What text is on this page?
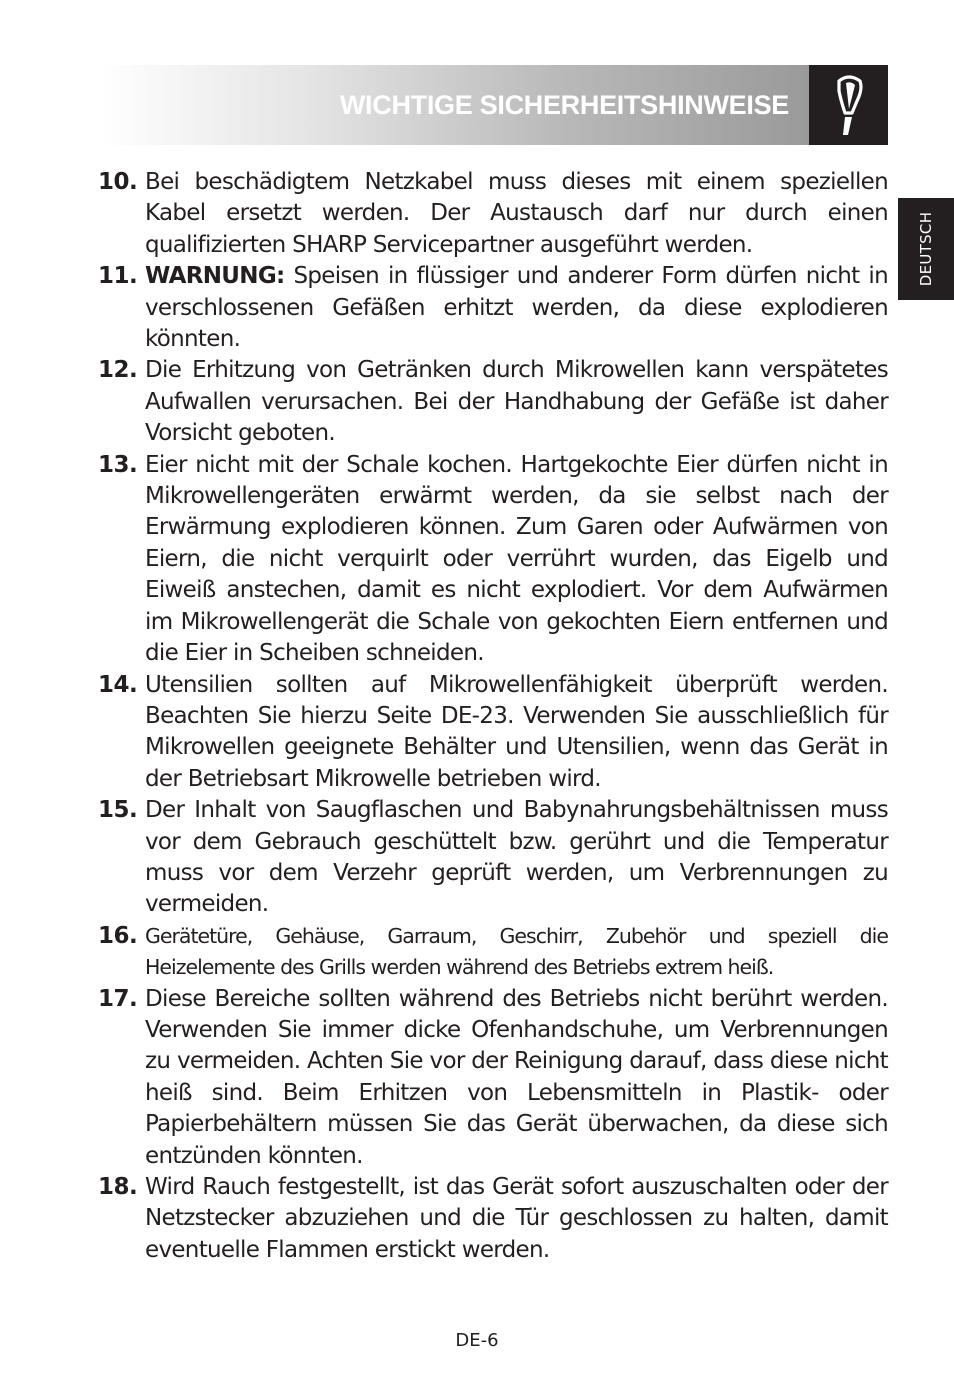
WICHTIGE SICHERHEITSHINWEISE
DEUTSCH
10. Bei beschädigtem Netzkabel muss dieses mit einem speziellen Kabel ersetzt werden. Der Austausch darf nur durch einen qualifizierten SHARP Servicepartner ausgeführt werden.
11. WARNUNG: Speisen in flüssiger und anderer Form dürfen nicht in verschlossenen Gefäßen erhitzt werden, da diese explodieren könnten.
12. Die Erhitzung von Getränken durch Mikrowellen kann verspätetes Aufwallen verursachen. Bei der Handhabung der Gefäße ist daher Vorsicht geboten.
13. Eier nicht mit der Schale kochen. Hartgekochte Eier dürfen nicht in Mikrowellengeräten erwärmt werden, da sie selbst nach der Erwärmung explodieren können. Zum Garen oder Aufwärmen von Eiern, die nicht verquirlt oder verrührt wurden, das Eigelb und Eiweiß anstechen, damit es nicht explodiert. Vor dem Aufwärmen im Mikrowellengerät die Schale von gekochten Eiern entfernen und die Eier in Scheiben schneiden.
14. Utensilien sollten auf Mikrowellenfähigkeit überprüft werden. Beachten Sie hierzu Seite DE-23. Verwenden Sie ausschließlich für Mikrowellen geeignete Behälter und Utensilien, wenn das Gerät in der Betriebsart Mikrowelle betrieben wird.
15. Der Inhalt von Saugflaschen und Babynahrungsbehältnissen muss vor dem Gebrauch geschüttelt bzw. gerührt und die Temperatur muss vor dem Verzehr geprüft werden, um Verbrennungen zu vermeiden.
16. Gerätetüre, Gehäuse, Garraum, Geschirr, Zubehör und speziell die Heizelemente des Grills werden während des Betriebs extrem heiß.
17. Diese Bereiche sollten während des Betriebs nicht berührt werden. Verwenden Sie immer dicke Ofenhandschuhe, um Verbrennungen zu vermeiden. Achten Sie vor der Reinigung darauf, dass diese nicht heiß sind. Beim Erhitzen von Lebensmitteln in Plastik- oder Papierbehältern müssen Sie das Gerät überwachen, da diese sich entzünden könnten.
18. Wird Rauch festgestellt, ist das Gerät sofort auszuschalten oder der Netzstecker abzuziehen und die Tür geschlossen zu halten, damit eventuelle Flammen erstickt werden.
DE-6
